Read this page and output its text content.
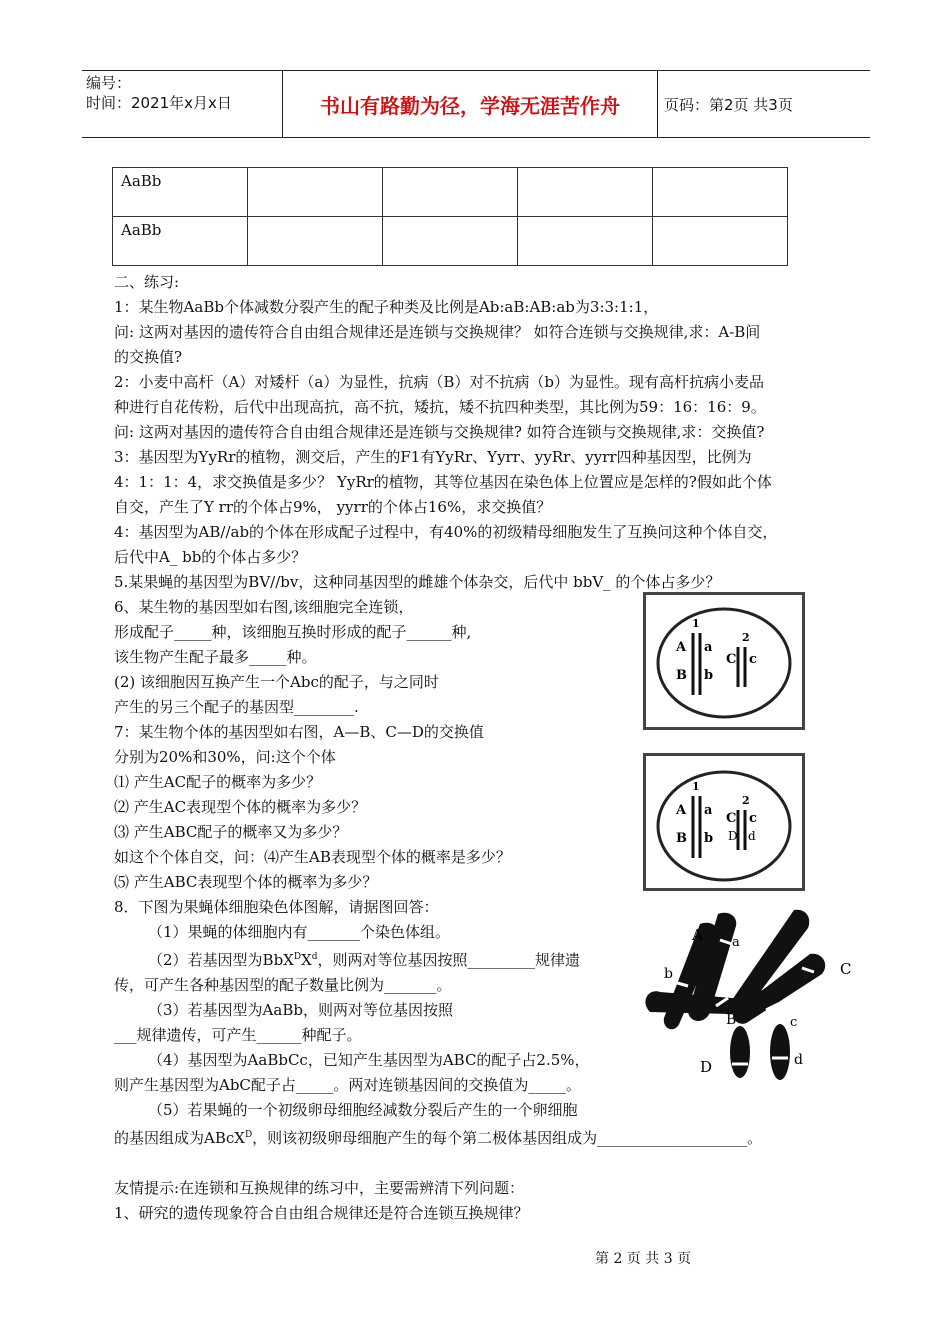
编号：
时间：2021年x月x日	书山有路勤为径，学海无涯苦作舟	页码：第2页 共3页
AaBb				
AaBb				

二、练习:

1：某生物AaBb个体减数分裂产生的配子种类及比例是Ab:aB:AB:ab为3:3:1:1，

问: 这两对基因的遗传符合自由组合规律还是连锁与交换规律？ 如符合连锁与交换规律,求：A-B间

的交换值?

2：小麦中高杆（A）对矮杆（a）为显性，抗病（B）对不抗病（b）为显性。现有高杆抗病小麦品

种进行自花传粉，后代中出现高抗，高不抗，矮抗，矮不抗四种类型，其比例为59：16：16：9。

问: 这两对基因的遗传符合自由组合规律还是连锁与交换规律? 如符合连锁与交换规律,求：交换值?

3：基因型为YyRr的植物，测交后，产生的F1有YyRr、Yyrr、yyRr、yyrr四种基因型，比例为

4：1：1：4，求交换值是多少？ YyRr的植物，其等位基因在染色体上位置应是怎样的?假如此个体

自交，产生了Y rr的个体占9%， yyrr的个体占16%，求交换值？

4：基因型为AB//ab的个体在形成配子过程中，有40%的初级精母细胞发生了互换问这种个体自交，

后代中A_ bb的个体占多少？

5.某果蝇的基因型为BV//bv，这种同基因型的雌雄个体杂交，后代中 bbV_ 的个体占多少？

6、某生物的基因型如右图,该细胞完全连锁，

形成配子_____种，该细胞互换时形成的配子______种,

该生物产生配子最多_____种。

(2) 该细胞因互换产生一个Abc的配子，与之同时

产生的另三个配子的基因型________.

7：某生物个体的基因型如右图，A—B、C—D的交换值

分别为20%和30%，问:这个个体

⑴ 产生AC配子的概率为多少？

⑵ 产生AC表现型个体的概率为多少？

⑶ 产生ABC配子的概率又为多少？

如这个个体自交，问：⑷产生AB表现型个体的概率是多少？

⑸ 产生ABC表现型个体的概率为多少？

8．下图为果蝇体细胞染色体图解，请据图回答：

（1）果蝇的体细胞内有_______个染色体组。

（2）若基因型为$BbX^DX^d$，则两对等位基因按照_________规律遗

传，可产生各种基因型的配子数量比例为_______。

（3）若基因型为AaBb，则两对等位基因按照

___规律遗传，可产生______种配子。

（4）基因型为AaBbCc，已知产生基因型为ABC的配子占2.5%，

则产生基因型为AbC配子占_____。两对连锁基因间的交换值为_____。

（5）若果蝇的一个初级卵母细胞经减数分裂后产生的一个卵细胞

的基因组成为ABcX$^D$，则该初级卵母细胞产生的每个第二极体基因组成为____________________。

友情提示:在连锁和互换规律的练习中，主要需辨清下列问题：

1、研究的遗传现象符合自由组合规律还是符合连锁互换规律？

A a
B b
1
C c
2
A a
B b
1
C c
2
D d
A a
b
B
C
c
D	d
第 2 页 共 3 页
